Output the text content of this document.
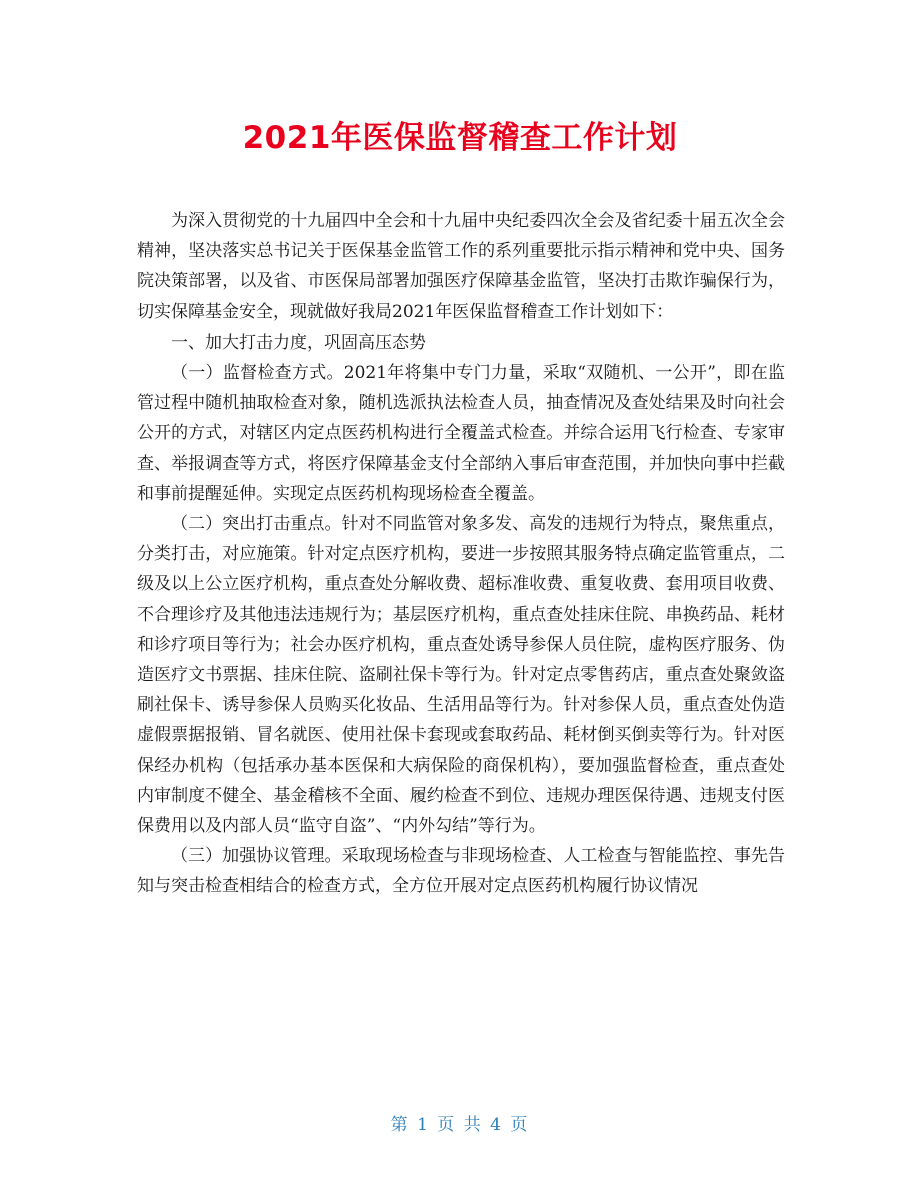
2021年医保监督稽查工作计划

为深入贯彻党的十九届四中全会和十九届中央纪委四次全会及省纪委十届五次全会精神，坚决落实总书记关于医保基金监管工作的系列重要批示指示精神和党中央、国务院决策部署，以及省、市医保局部署加强医疗保障基金监管，坚决打击欺诈骗保行为，切实保障基金安全，现就做好我局2021年医保监督稽查工作计划如下：

一、加大打击力度，巩固高压态势

（一）监督检查方式。2021年将集中专门力量，采取“双随机、一公开”，即在监管过程中随机抽取检查对象，随机选派执法检查人员，抽查情况及查处结果及时向社会公开的方式，对辖区内定点医药机构进行全覆盖式检查。并综合运用飞行检查、专家审查、举报调查等方式，将医疗保障基金支付全部纳入事后审查范围，并加快向事中拦截和事前提醒延伸。实现定点医药机构现场检查全覆盖。

（二）突出打击重点。针对不同监管对象多发、高发的违规行为特点，聚焦重点，分类打击，对应施策。针对定点医疗机构，要进一步按照其服务特点确定监管重点，二级及以上公立医疗机构，重点查处分解收费、超标准收费、重复收费、套用项目收费、不合理诊疗及其他违法违规行为；基层医疗机构，重点查处挂床住院、串换药品、耗材和诊疗项目等行为；社会办医疗机构，重点查处诱导参保人员住院，虚构医疗服务、伪造医疗文书票据、挂床住院、盗刷社保卡等行为。针对定点零售药店，重点查处聚敛盗刷社保卡、诱导参保人员购买化妆品、生活用品等行为。针对参保人员，重点查处伪造虚假票据报销、冒名就医、使用社保卡套现或套取药品、耗材倒买倒卖等行为。针对医保经办机构（包括承办基本医保和大病保险的商保机构），要加强监督检查，重点查处内审制度不健全、基金稽核不全面、履约检查不到位、违规办理医保待遇、违规支付医保费用以及内部人员“监守自盗”、“内外勾结”等行为。

（三）加强协议管理。采取现场检查与非现场检查、人工检查与智能监控、事先告知与突击检查相结合的检查方式，全方位开展对定点医药机构履行协议情况

第 1 页 共 4 页
